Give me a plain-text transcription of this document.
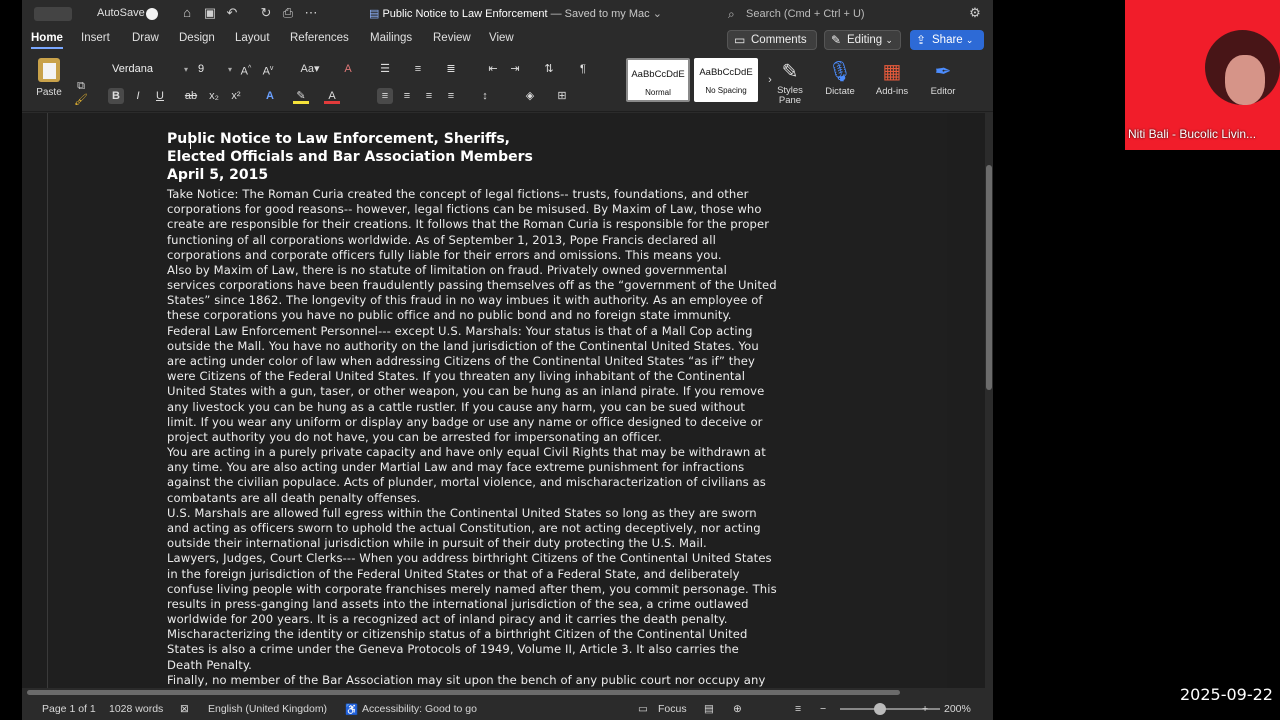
AutoSave	⌂ ▣ ↶ ↻ ⎙ ⋯	▤ Public Notice to Law Enforcement — Saved to my Mac ⌄	⌕ Search (Cmd + Ctrl + U)	⚙
Home Insert Draw Design Layout References Mailings Review View	▭ Comments	✎ Editing ⌄	⇪ Share ⌄
Paste
⧉
🖌
Verdana	▾ 9	▾ A^ $A^v$ Aa▾	A
B	I	U	ab x₂	x²	A	✎	A
☰	≡	≣	⇤	⇥	⇅	¶
≡	≡	≡	≡	↕	◈	⊞
AaBbCcDdE
Normal
AaBbCcDdE
No Spacing
› ✎
Styles Pane
🎙
Dictate
▦
Add-ins
✒
Editor
Public Notice to Law Enforcement, Sheriffs,
Elected Officials and Bar Association Members
April 5, 2015
Take Notice: The Roman Curia created the concept of legal fictions-- trusts, foundations, and other
corporations for good reasons-- however, legal fictions can be misused. By Maxim of Law, those who
create are responsible for their creations. It follows that the Roman Curia is responsible for the proper
functioning of all corporations worldwide. As of September 1, 2013, Pope Francis declared all
corporations and corporate officers fully liable for their errors and omissions. This means you.
Also by Maxim of Law, there is no statute of limitation on fraud. Privately owned governmental
services corporations have been fraudulently passing themselves off as the “government of the United
States” since 1862. The longevity of this fraud in no way imbues it with authority. As an employee of
these corporations you have no public office and no public bond and no foreign state immunity.
Federal Law Enforcement Personnel--- except U.S. Marshals: Your status is that of a Mall Cop acting
outside the Mall. You have no authority on the land jurisdiction of the Continental United States. You
are acting under color of law when addressing Citizens of the Continental United States “as if” they
were Citizens of the Federal United States. If you threaten any living inhabitant of the Continental
United States with a gun, taser, or other weapon, you can be hung as an inland pirate. If you remove
any livestock you can be hung as a cattle rustler. If you cause any harm, you can be sued without
limit. If you wear any uniform or display any badge or use any name or office designed to deceive or
project authority you do not have, you can be arrested for impersonating an officer.
You are acting in a purely private capacity and have only equal Civil Rights that may be withdrawn at
any time. You are also acting under Martial Law and may face extreme punishment for infractions
against the civilian populace. Acts of plunder, mortal violence, and mischaracterization of civilians as
combatants are all death penalty offenses.
U.S. Marshals are allowed full egress within the Continental United States so long as they are sworn
and acting as officers sworn to uphold the actual Constitution, are not acting deceptively, nor acting
outside their international jurisdiction while in pursuit of their duty protecting the U.S. Mail.
Lawyers, Judges, Court Clerks--- When you address birthright Citizens of the Continental United States
in the foreign jurisdiction of the Federal United States or that of a Federal State, and deliberately
confuse living people with corporate franchises merely named after them, you commit personage. This
results in press-ganging land assets into the international jurisdiction of the sea, a crime outlawed
worldwide for 200 years. It is a recognized act of inland piracy and it carries the death penalty.
Mischaracterizing the identity or citizenship status of a birthright Citizen of the Continental United
States is also a crime under the Geneva Protocols of 1949, Volume II, Article 3. It also carries the
Death Penalty.
Finally, no member of the Bar Association may sit upon the bench of any public court nor occupy any
Page 1 of 1 1028 words ⊠ English (United Kingdom) ♿ Accessibility: Good to go	▭ Focus ▤ ⊕	≡ −	+ 200%
Niti Bali - Bucolic Livin...
2025-09-22
